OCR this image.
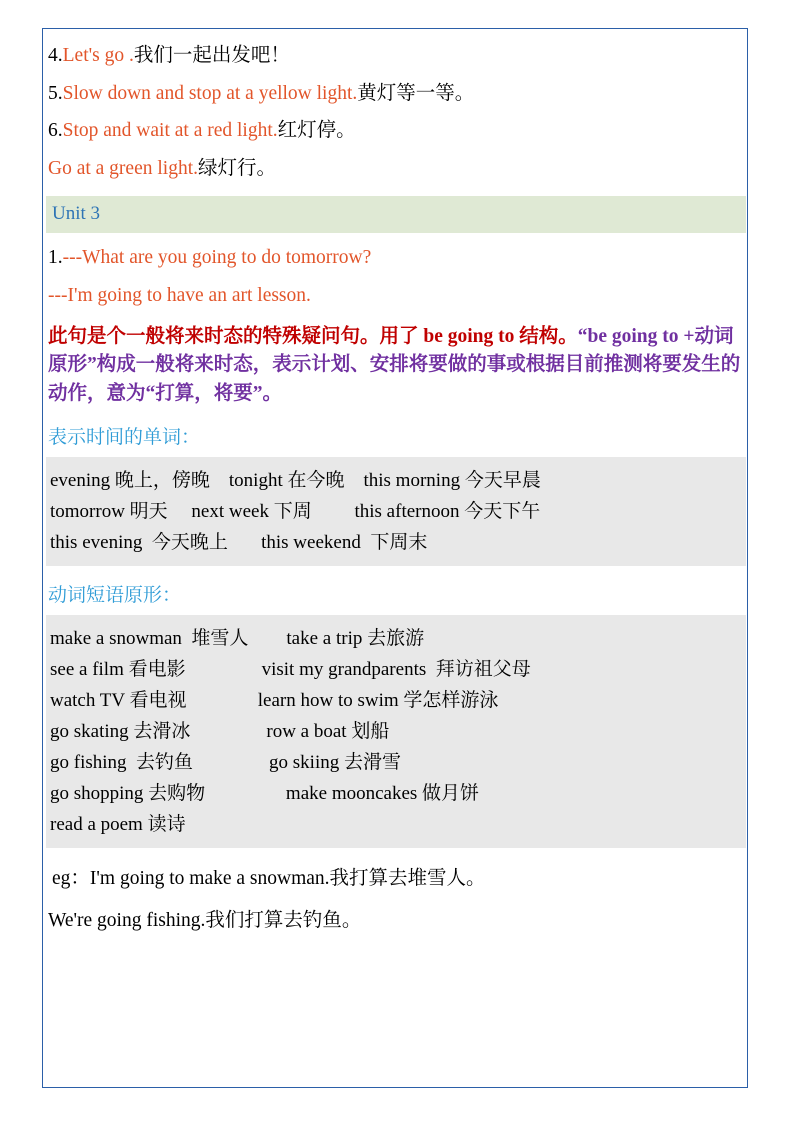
4.Let's go .我们一起出发吧！
5.Slow down and stop at a yellow light.黄灯等一等。
6.Stop and wait at a red light.红灯停。
Go at a green light.绿灯行。
Unit 3
1.---What are you going to do tomorrow?
---I'm going to have an art lesson.
此句是个一般将来时态的特殊疑问句。用了 be going to 结构。“be going to +动词原形”构成一般将来时态，表示计划、安排将要做的事或根据目前推测将要发生的动作，意为“打算，将要”。
表示时间的单词：
evening 晚上，傍晚    tonight 在今晚    this morning 今天早晨
tomorrow 明天     next week 下周         this afternoon 今天下午
this evening  今天晚上       this weekend  下周末
动词短语原形：
make a snowman  堆雪人        take a trip 去旅游
see a film 看电影                visit my grandparents  拜访祖父母
watch TV 看电视               learn how to swim 学怎样游泳
go skating 去滑冰                row a boat 划船
go fishing  去钓鱼                go skiing 去滑雪
go shopping 去购物                 make mooncakes 做月饼
read a poem 读诗
eg：I'm going to make a snowman.我打算去堆雪人。
We're going fishing.我们打算去钓鱼。
